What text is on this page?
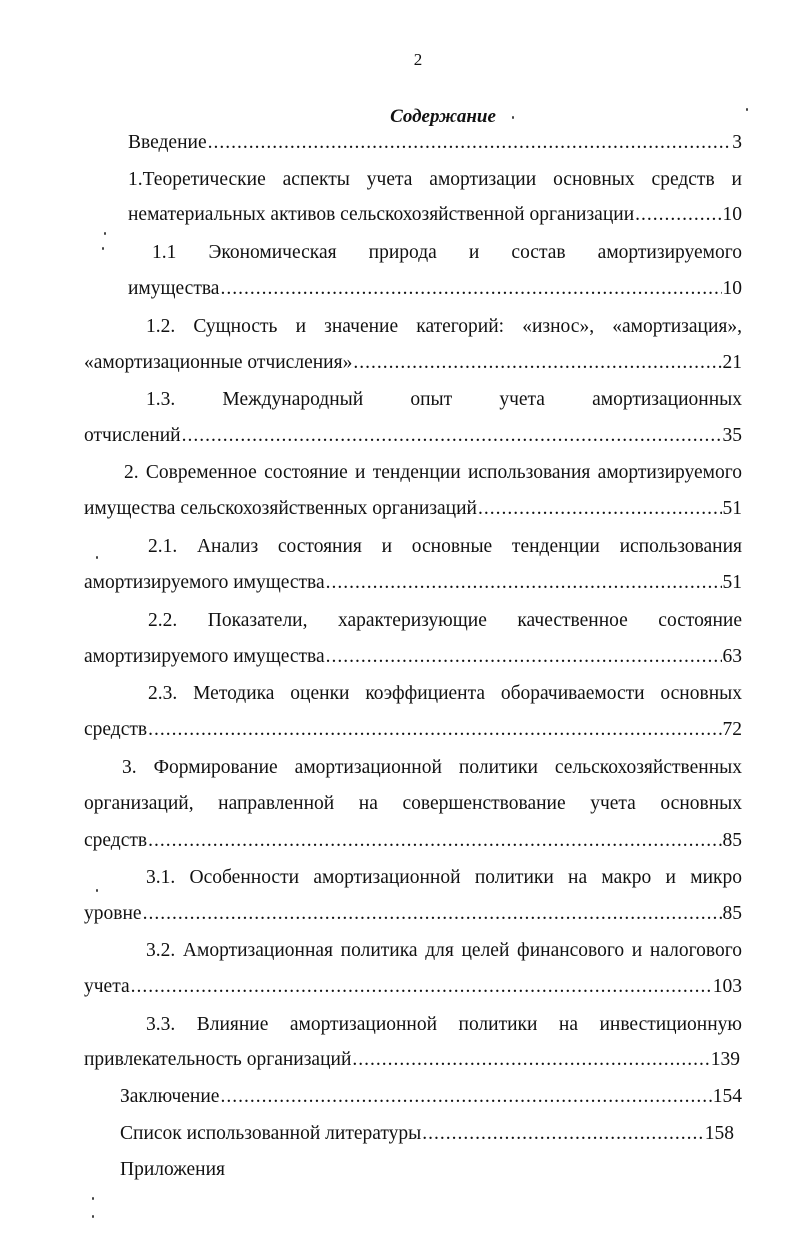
2
Содержание
Введение .....	3
1.Теоретические аспекты учета амортизации основных средств и
нематериальных активов сельскохозяйственной организации .....	10
1.1 Экономическая природа и состав амортизируемого
имущества .....	10
1.2. Сущность и значение категорий: «износ», «амортизация»,
«амортизационные отчисления» .....	21
1.3. Международный опыт учета амортизационных
отчислений .....	35
2. Современное состояние и тенденции использования амортизируемого
имущества сельскохозяйственных организаций .....	51
2.1. Анализ состояния и основные тенденции использования
амортизируемого имущества .....	51
2.2. Показатели, характеризующие качественное состояние
амортизируемого имущества .....	63
2.3. Методика оценки коэффициента оборачиваемости основных
средств .....	72
3. Формирование амортизационной политики сельскохозяйственных
организаций, направленной на совершенствование учета основных
средств .....	85
3.1. Особенности амортизационной политики на макро и микро
уровне .....	85
3.2. Амортизационная политика для целей финансового и налогового
учета .....	103
3.3. Влияние амортизационной политики на инвестиционную
привлекательность организаций .....	139
Заключение .....	154
Список использованной литературы .....	158
Приложения
